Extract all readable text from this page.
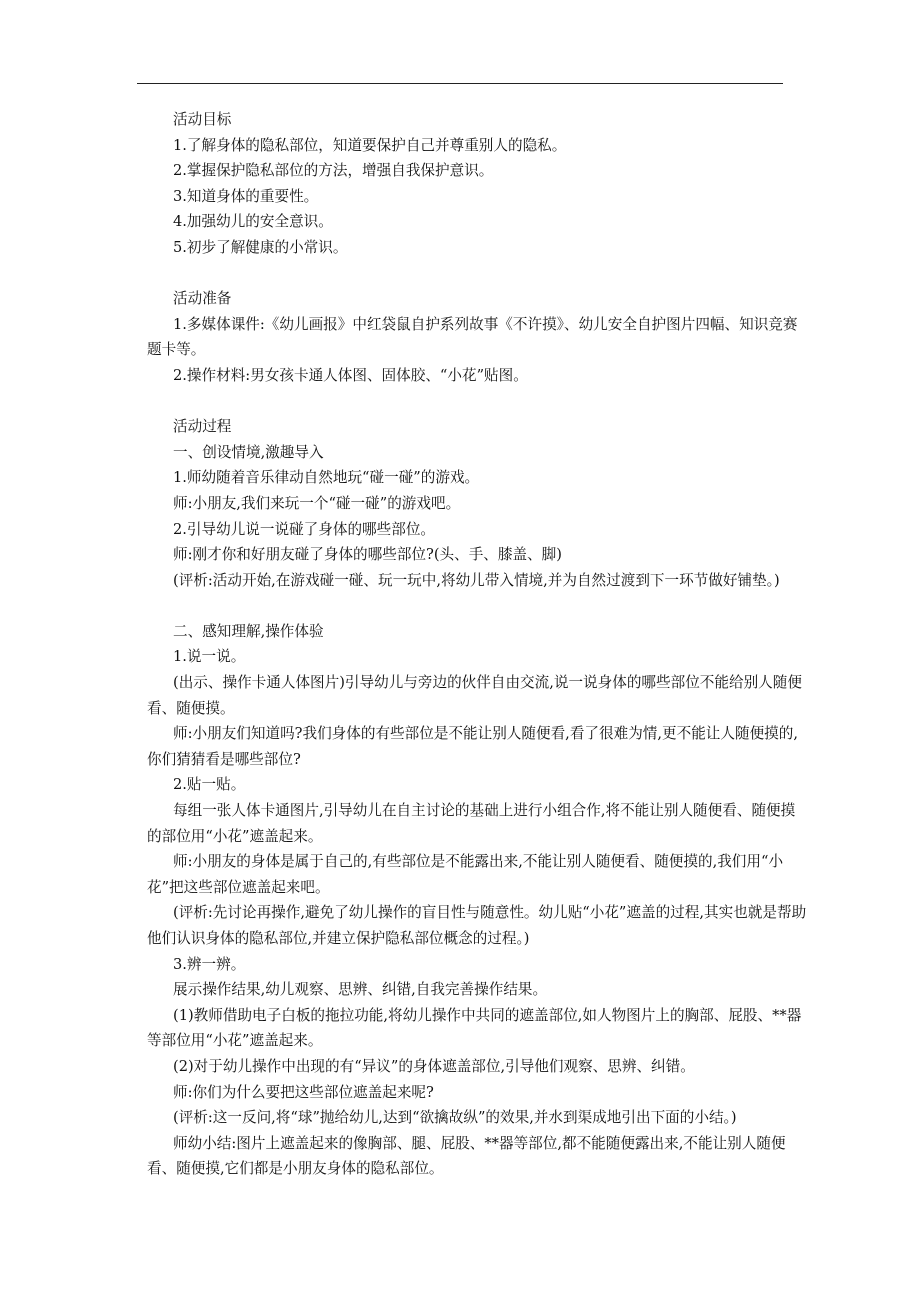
活动目标

1.了解身体的隐私部位，知道要保护自己并尊重别人的隐私。

2.掌握保护隐私部位的方法，增强自我保护意识。

3.知道身体的重要性。

4.加强幼儿的安全意识。

5.初步了解健康的小常识。

活动准备

1.多媒体课件:《幼儿画报》中红袋鼠自护系列故事《不许摸》、幼儿安全自护图片四幅、知识竞赛题卡等。

2.操作材料:男女孩卡通人体图、固体胶、“小花”贴图。

活动过程

一、创设情境,激趣导入

1.师幼随着音乐律动自然地玩“碰一碰”的游戏。

师:小朋友,我们来玩一个“碰一碰”的游戏吧。

2.引导幼儿说一说碰了身体的哪些部位。

师:刚才你和好朋友碰了身体的哪些部位?(头、手、膝盖、脚)

(评析:活动开始,在游戏碰一碰、玩一玩中,将幼儿带入情境,并为自然过渡到下一环节做好铺垫。)

二、感知理解,操作体验

1.说一说。

(出示、操作卡通人体图片)引导幼儿与旁边的伙伴自由交流,说一说身体的哪些部位不能给别人随便看、随便摸。

师:小朋友们知道吗?我们身体的有些部位是不能让别人随便看,看了很难为情,更不能让人随便摸的,你们猜猜看是哪些部位?

2.贴一贴。

每组一张人体卡通图片,引导幼儿在自主讨论的基础上进行小组合作,将不能让别人随便看、随便摸的部位用“小花”遮盖起来。

师:小朋友的身体是属于自己的,有些部位是不能露出来,不能让别人随便看、随便摸的,我们用“小花”把这些部位遮盖起来吧。

(评析:先讨论再操作,避免了幼儿操作的盲目性与随意性。幼儿贴“小花”遮盖的过程,其实也就是帮助他们认识身体的隐私部位,并建立保护隐私部位概念的过程。)

3.辨一辨。

展示操作结果,幼儿观察、思辨、纠错,自我完善操作结果。

(1)教师借助电子白板的拖拉功能,将幼儿操作中共同的遮盖部位,如人物图片上的胸部、屁股、**器等部位用“小花”遮盖起来。

(2)对于幼儿操作中出现的有“异议”的身体遮盖部位,引导他们观察、思辨、纠错。

师:你们为什么要把这些部位遮盖起来呢?

(评析:这一反问,将“球”抛给幼儿,达到“欲擒故纵”的效果,并水到渠成地引出下面的小结。)

师幼小结:图片上遮盖起来的像胸部、腿、屁股、**器等部位,都不能随便露出来,不能让别人随便看、随便摸,它们都是小朋友身体的隐私部位。
